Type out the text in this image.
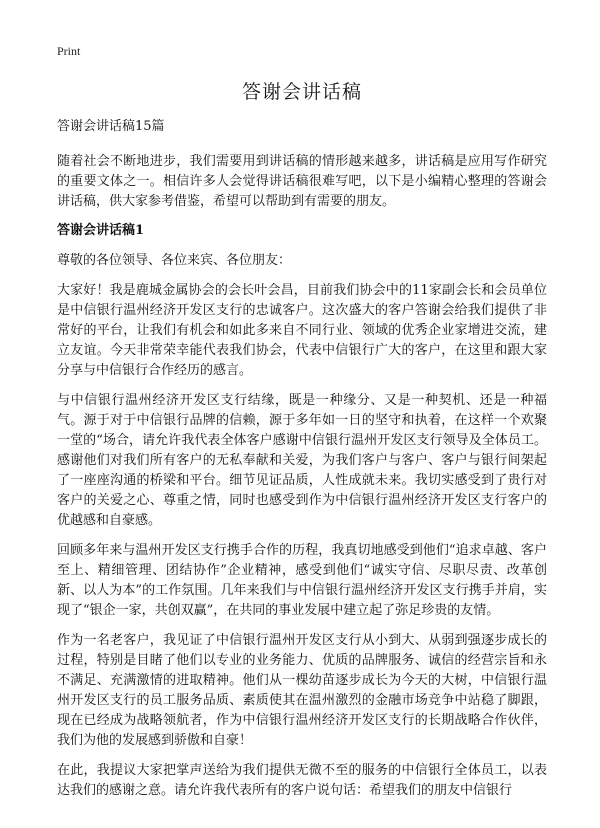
Print
答谢会讲话稿

答谢会讲话稿15篇

随着社会不断地进步，我们需要用到讲话稿的情形越来越多，讲话稿是应用写作研究的重要文体之一。相信许多人会觉得讲话稿很难写吧，以下是小编精心整理的答谢会讲话稿，供大家参考借鉴，希望可以帮助到有需要的朋友。

答谢会讲话稿1

尊敬的各位领导、各位来宾、各位朋友：

大家好！我是鹿城金属协会的会长叶会昌，目前我们协会中的11家副会长和会员单位是中信银行温州经济开发区支行的忠诚客户。这次盛大的客户答谢会给我们提供了非常好的平台，让我们有机会和如此多来自不同行业、领域的优秀企业家增进交流，建立友谊。今天非常荣幸能代表我们协会，代表中信银行广大的客户，在这里和跟大家分享与中信银行合作经历的感言。

与中信银行温州经济开发区支行结缘，既是一种缘分、又是一种契机、还是一种福气。源于对于中信银行品牌的信赖，源于多年如一日的坚守和执着，在这样一个欢聚一堂的“场合，请允许我代表全体客户感谢中信银行温州开发区支行领导及全体员工。感谢他们对我们所有客户的无私奉献和关爱，为我们客户与客户、客户与银行间架起了一座座沟通的桥梁和平台。细节见证品质，人性成就未来。我切实感受到了贵行对客户的关爱之心、尊重之情，同时也感受到作为中信银行温州经济开发区支行客户的优越感和自豪感。

回顾多年来与温州开发区支行携手合作的历程，我真切地感受到他们“追求卓越、客户至上、精细管理、团结协作”企业精神，感受到他们“诚实守信、尽职尽责、改革创新、以人为本”的工作氛围。几年来我们与中信银行温州经济开发区支行携手并肩，实现了“银企一家，共创双赢”，在共同的事业发展中建立起了弥足珍贵的友情。

作为一名老客户，我见证了中信银行温州开发区支行从小到大、从弱到强逐步成长的过程，特别是目睹了他们以专业的业务能力、优质的品牌服务、诚信的经营宗旨和永不满足、充满激情的进取精神。他们从一棵幼苗逐步成长为今天的大树，中信银行温州开发区支行的员工服务品质、素质使其在温州激烈的金融市场竞争中站稳了脚跟，现在已经成为战略领航者，作为中信银行温州经济开发区支行的长期战略合作伙伴，我们为他的发展感到骄傲和自豪！

在此，我提议大家把掌声送给为我们提供无微不至的服务的中信银行全体员工，以表达我们的感谢之意。请允许我代表所有的客户说句话：希望我们的朋友中信银行
